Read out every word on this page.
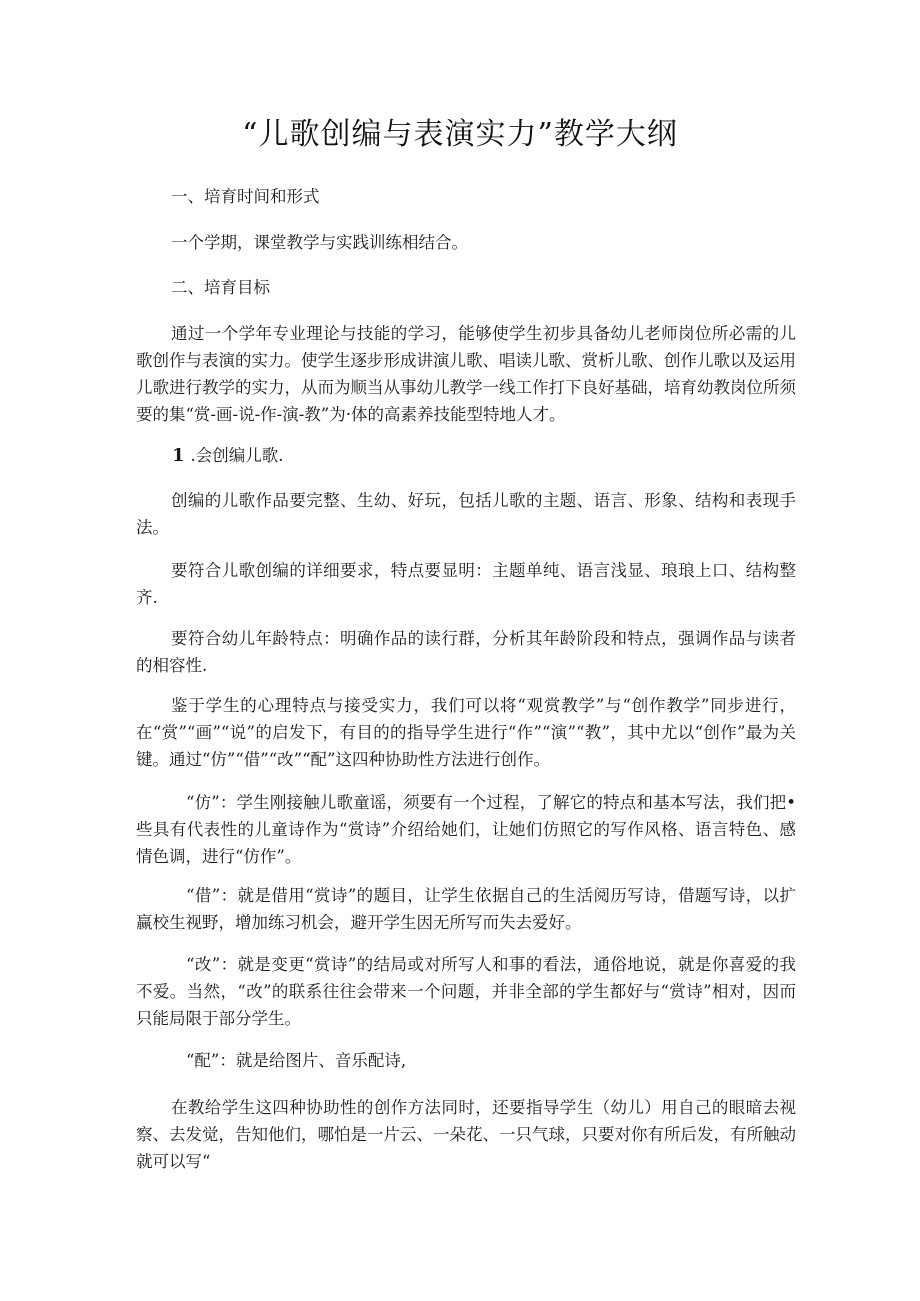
“儿歌创编与表演实力”教学大纲

一、培育时间和形式

一个学期，课堂教学与实践训练相结合。

二、培育目标

通过一个学年专业理论与技能的学习，能够使学生初步具备幼儿老师岗位所必需的儿歌创作与表演的实力。使学生逐步形成讲演儿歌、唱读儿歌、赏析儿歌、创作儿歌以及运用儿歌进行教学的实力，从而为顺当从事幼儿教学一线工作打下良好基础，培育幼教岗位所须要的集“赏-画-说-作-演-教”为·体的高素养技能型特地人才。

1 .会创编儿歌.

创编的儿歌作品要完整、生幼、好玩，包括儿歌的主题、语言、形象、结构和表现手法。

要符合儿歌创编的详细要求，特点要显明：主题单纯、语言浅显、琅琅上口、结构整齐.

要符合幼儿年龄特点：明确作品的读行群，分析其年龄阶段和特点，强调作品与读者的相容性.

鉴于学生的心理特点与接受实力，我们可以将“观赏教学”与“创作教学”同步进行，在“赏”“画”“说”的启发下，有目的的指导学生进行“作”“演”“教”，其中尤以“创作”最为关键。通过“仿”“借”“改”“配”这四种协助性方法进行创作。

“仿”：学生刚接触儿歌童谣，须要有一个过程，了解它的特点和基本写法，我们把•些具有代表性的儿童诗作为“赏诗”介绍给她们，让她们仿照它的写作风格、语言特色、感情色调，进行“仿作”。

“借”：就是借用“赏诗”的题目，让学生依据自己的生活阅历写诗，借题写诗，以扩赢校生视野，增加练习机会，避开学生因无所写而失去爱好。

“改”：就是变更“赏诗”的结局或对所写人和事的看法，通俗地说，就是你喜爱的我不爱。当然，“改”的联系往往会带来一个问题，并非全部的学生都好与“赏诗”相对，因而只能局限于部分学生。

“配”：就是给图片、音乐配诗,

在教给学生这四种协助性的创作方法同时，还要指导学生（幼儿）用自己的眼暗去视察、去发觉，告知他们，哪怕是一片云、一朵花、一只气球，只要对你有所后发，有所触动就可以写“
